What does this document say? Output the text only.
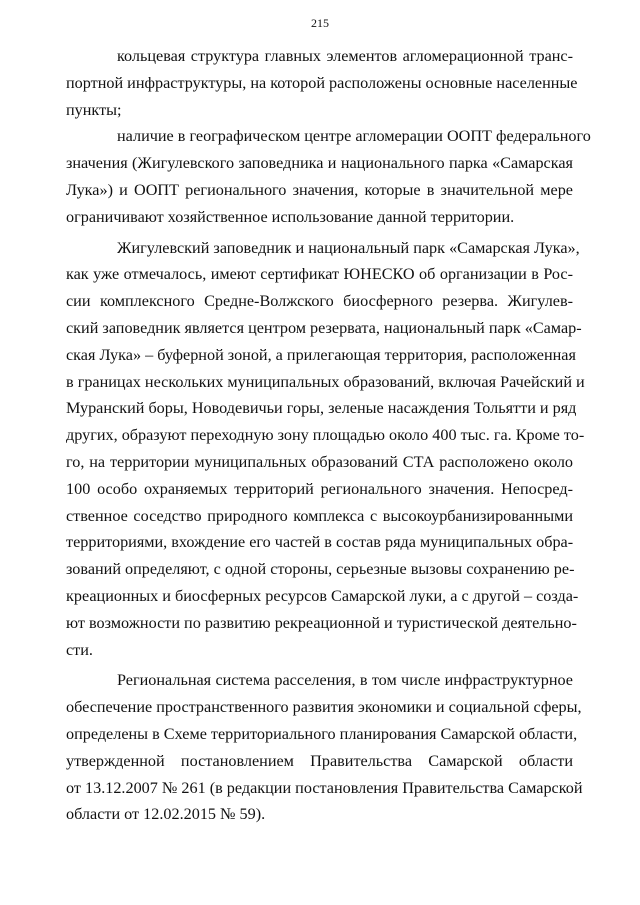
215
кольцевая структура главных элементов агломерационной транс-
портной инфраструктуры, на которой расположены основные населенные
пункты;
наличие в географическом центре агломерации ООПТ федерального
значения (Жигулевского заповедника и национального парка «Самарская
Лука») и ООПТ регионального значения, которые в значительной мере
ограничивают хозяйственное использование данной территории.
Жигулевский заповедник и национальный парк «Самарская Лука»,
как уже отмечалось, имеют сертификат ЮНЕСКО об организации в Рос-
сии комплексного Средне-Волжского биосферного резерва. Жигулев-
ский заповедник является центром резервата, национальный парк «Самар-
ская Лука» – буферной зоной, а прилегающая территория, расположенная
в границах нескольких муниципальных образований, включая Рачейский и
Муранский боры, Новодевичьи горы, зеленые насаждения Тольятти и ряд
других, образуют переходную зону площадью около 400 тыс. га. Кроме то-
го, на территории муниципальных образований СТА расположено около
100 особо охраняемых территорий регионального значения. Непосред-
ственное соседство природного комплекса с высокоурбанизированными
территориями, вхождение его частей в состав ряда муниципальных обра-
зований определяют, с одной стороны, серьезные вызовы сохранению ре-
креационных и биосферных ресурсов Самарской луки, а с другой – созда-
ют возможности по развитию рекреационной и туристической деятельно-
сти.
Региональная система расселения, в том числе инфраструктурное
обеспечение пространственного развития экономики и социальной сферы,
определены в Схеме территориального планирования Самарской области,
утвержденной постановлением Правительства Самарской области
от 13.12.2007 № 261 (в редакции постановления Правительства Самарской
области от 12.02.2015 № 59).
